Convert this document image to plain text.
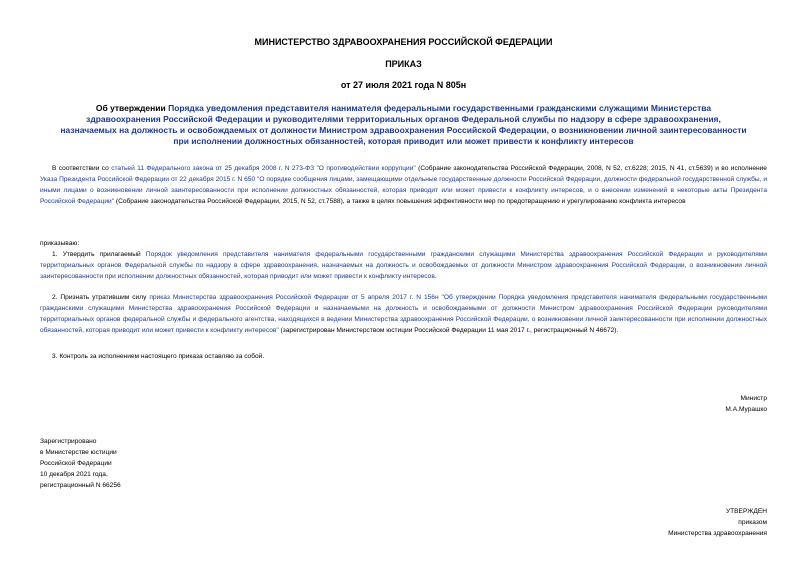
МИНИСТЕРСТВО ЗДРАВООХРАНЕНИЯ РОССИЙСКОЙ ФЕДЕРАЦИИ
ПРИКАЗ
от 27 июля 2021 года N 805н
Об утверждении Порядка уведомления представителя нанимателя федеральными государственными гражданскими служащими Министерства здравоохранения Российской Федерации и руководителями территориальных органов Федеральной службы по надзору в сфере здравоохранения, назначаемых на должность и освобождаемых от должности Министром здравоохранения Российской Федерации, о возникновении личной заинтересованности при исполнении должностных обязанностей, которая приводит или может привести к конфликту интересов
В соответствии со статьей 11 Федерального закона от 25 декабря 2008 г. N 273-ФЗ "О противодействии коррупции" (Собрание законодательства Российской Федерации, 2008, N 52, ст.6228; 2015, N 41, ст.5639) и во исполнение Указа Президента Российской Федерации от 22 декабря 2015 г. N 650 "О порядке сообщения лицами, замещающими отдельные государственные должности Российской Федерации, должности федеральной государственной службы, и иными лицами о возникновении личной заинтересованности при исполнении должностных обязанностей, которая приводит или может привести к конфликту интересов, и о внесении изменений в некоторые акты Президента Российской Федерации" (Собрание законодательства Российской Федерации, 2015, N 52, ст.7588), а также в целях повышения эффективности мер по предотвращению и урегулированию конфликта интересов
приказываю:
1. Утвердить прилагаемый Порядок уведомления представителя нанимателя федеральными государственными гражданскими служащими Министерства здравоохранения Российской Федерации и руководителями территориальных органов Федеральной службы по надзору в сфере здравоохранения, назначаемых на должность и освобождаемых от должности Министром здравоохранения Российской Федерации, о возникновении личной заинтересованности при исполнении должностных обязанностей, которая приводит или может привести к конфликту интересов.
2. Признать утратившим силу приказ Министерства здравоохранения Российской Федерации от 5 апреля 2017 г. N 156н "Об утверждении Порядка уведомления представителя нанимателя федеральными государственными гражданскими служащими Министерства здравоохранения Российской Федерации и назначаемыми на должность и освобождаемыми от должности Министром здравоохранения Российской Федерации руководителями территориальных органов федеральной службы и федерального агентства, находящихся в ведении Министерства здравоохранения Российской Федерации, о возникновении личной заинтересованности при исполнении должностных обязанностей, которая приводит или может привести к конфликту интересов" (зарегистрирован Министерством юстиции Российской Федерации 11 мая 2017 г., регистрационный N 46672).
3. Контроль за исполнением настоящего приказа оставляю за собой.
Министр
М.А.Мурашко
Зарегистрировано
в Министерстве юстиции
Российской Федерации
10 декабря 2021 года,
регистрационный N 66256
УТВЕРЖДЕН
приказом
Министерства здравоохранения
